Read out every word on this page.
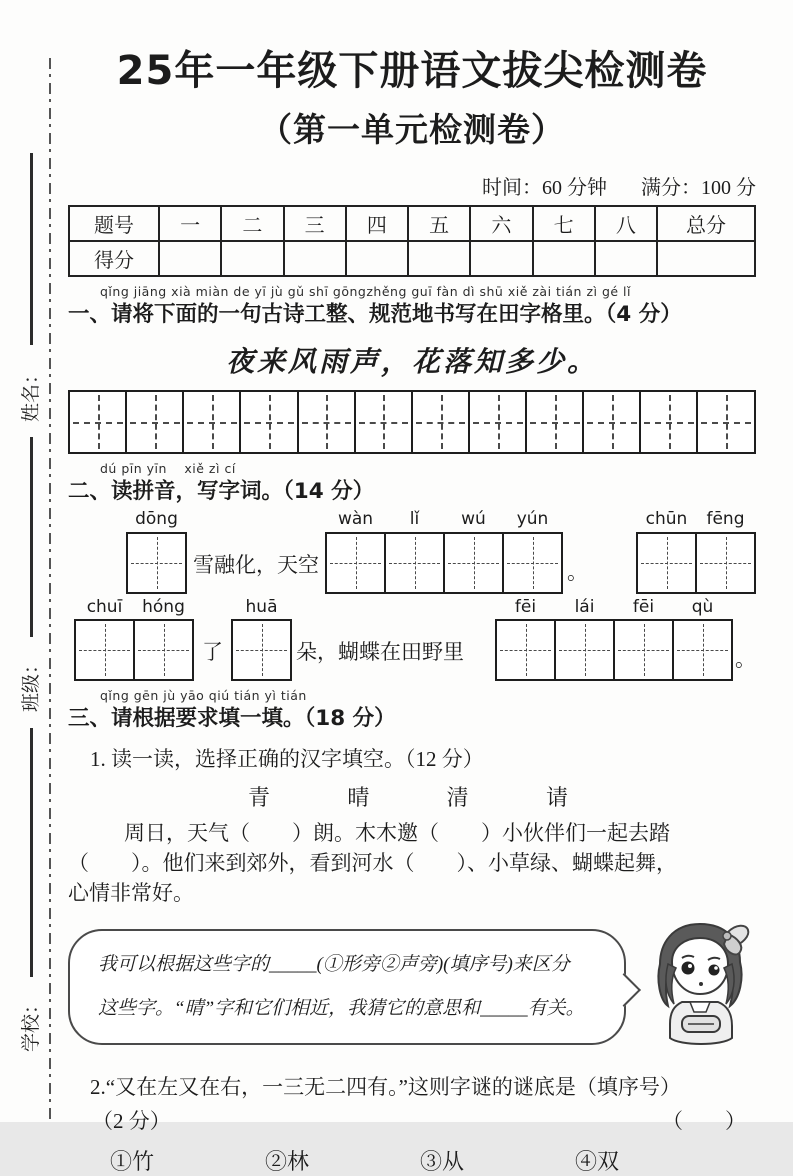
姓名：
班级：
学校：
25年一年级下册语文拔尖检测卷
（第一单元检测卷）
时间：60 分钟 满分：100 分
题号	一	二	三	四	五	六	七	八	总分
得分									
qǐng jiāng xià miàn de yī jù gǔ shī gōngzhěng guī fàn dì shū xiě zài tián zì gé lǐ
一、请将下面的一句古诗工整、规范地书写在田字格里。（4 分）
夜来风雨声，花落知多少。
dú pīn yīn　 xiě zì cí
二、读拼音，写字词。（14 分）
dōng
雪融化，天空
wàn lǐ wú yún
。
chūn fēng
chuī hóng
了
huā
朵，蝴蝶在田野里
fēi lái fēi qù
。
qǐng gēn jù yāo qiú tián yì tián
三、请根据要求填一填。（18 分）
1. 读一读，选择正确的汉字填空。（12 分）
青	晴	清	请
周日，天气（　　）朗。木木邀（　　）小伙伴们一起去踏
（　　）。他们来到郊外，看到河水（　　）、小草绿、蝴蝶起舞，
心情非常好。
我可以根据这些字的_____(①形旁②声旁)(填序号)来区分
这些字。“晴”字和它们相近，我猜它的意思和_____有关。
2.“又在左又在右，一三无二四有。”这则字谜的谜底是（填序号）
（2 分）	（　　）
①竹	②林	③从	④双
